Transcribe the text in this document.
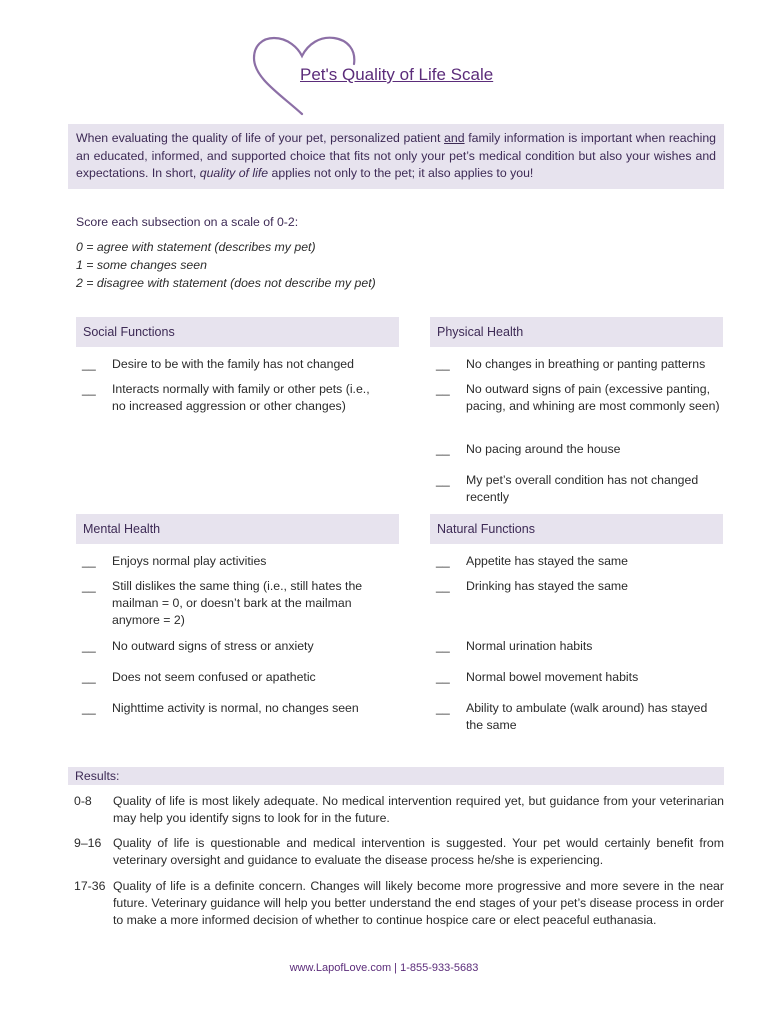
Pet's Quality of Life Scale
When evaluating the quality of life of your pet, personalized patient and family information is important when reaching an educated, informed, and supported choice that fits not only your pet’s medical condition but also your wishes and expectations. In short, quality of life applies not only to the pet; it also applies to you!
Score each subsection on a scale of 0-2:
0 = agree with statement (describes my pet)
1 = some changes seen
2 = disagree with statement (does not describe my pet)
Social Functions
__ Desire to be with the family has not changed
__ Interacts normally with family or other pets (i.e., no increased aggression or other changes)
Physical Health
__ No changes in breathing or panting patterns
__ No outward signs of pain (excessive panting, pacing, and whining are most commonly seen)
__ No pacing around the house
__ My pet’s overall condition has not changed recently
Mental Health
__ Enjoys normal play activities
__ Still dislikes the same thing (i.e., still hates the mailman = 0, or doesn’t bark at the mailman anymore = 2)
__ No outward signs of stress or anxiety
__ Does not seem confused or apathetic
__ Nighttime activity is normal, no changes seen
Natural Functions
__ Appetite has stayed the same
__ Drinking has stayed the same
__ Normal urination habits
__ Normal bowel movement habits
__ Ability to ambulate (walk around) has stayed the same
Results:
0-8 Quality of life is most likely adequate. No medical intervention required yet, but guidance from your veterinarian may help you identify signs to look for in the future.
9–16 Quality of life is questionable and medical intervention is suggested. Your pet would certainly benefit from veterinary oversight and guidance to evaluate the disease process he/she is experiencing.
17-36 Quality of life is a definite concern. Changes will likely become more progressive and more severe in the near future. Veterinary guidance will help you better understand the end stages of your pet’s disease process in order to make a more informed decision of whether to continue hospice care or elect peaceful euthanasia.
www.LapofLove.com | 1-855-933-5683
